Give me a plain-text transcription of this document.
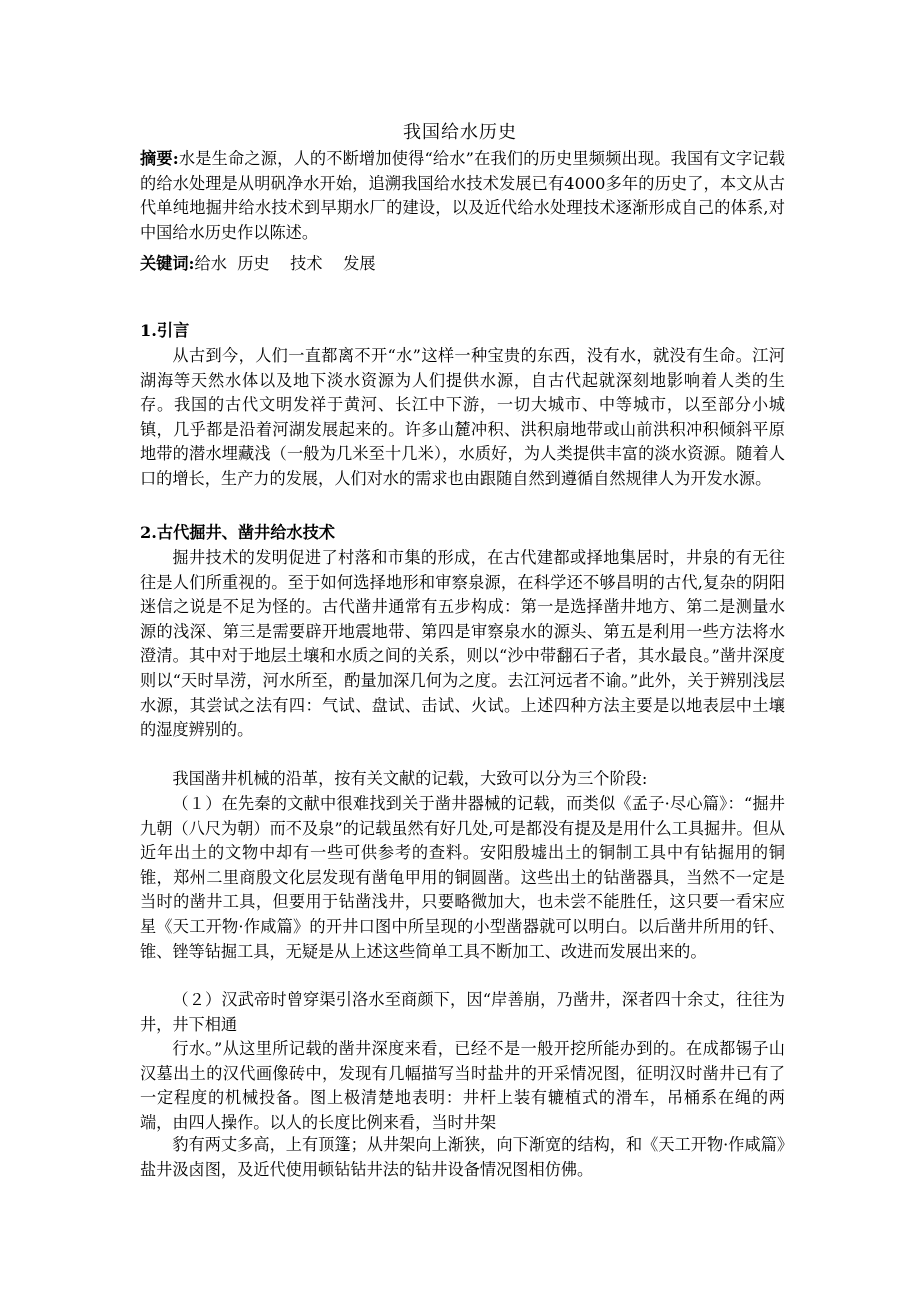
我国给水历史
摘要:水是生命之源，人的不断增加使得“给水”在我们的历史里频频出现。我国有文字记载的给水处理是从明矾净水开始，追溯我国给水技术发展已有4000多年的历史了，本文从古代单纯地掘井给水技术到早期水厂的建设，以及近代给水处理技术逐渐形成自己的体系,对中国给水历史作以陈述。
关键词:给水  历史    技术    发展
1.引言
从古到今，人们一直都离不开“水”这样一种宝贵的东西，没有水，就没有生命。江河湖海等天然水体以及地下淡水资源为人们提供水源，自古代起就深刻地影响着人类的生存。我国的古代文明发祥于黄河、长江中下游，一切大城市、中等城市，以至部分小城镇，几乎都是沿着河湖发展起来的。许多山麓冲积、洪积扇地带或山前洪积冲积倾斜平原地带的潜水埋藏浅（一般为几米至十几米），水质好，为人类提供丰富的淡水资源。随着人口的增长，生产力的发展，人们对水的需求也由跟随自然到遵循自然规律人为开发水源。
2.古代掘井、凿井给水技术
掘井技术的发明促进了村落和市集的形成，在古代建都或择地集居时，井泉的有无往往是人们所重视的。至于如何选择地形和审察泉源，在科学还不够昌明的古代,复杂的阴阳迷信之说是不足为怪的。古代凿井通常有五步构成：第一是选择凿井地方、第二是测量水源的浅深、第三是需要辟开地震地带、第四是审察泉水的源头、第五是利用一些方法将水澄清。其中对于地层土壤和水质之间的关系，则以“沙中带翻石子者，其水最良。”凿井深度则以“天时旱涝，河水所至，酌量加深几何为之度。去江河远者不谕。”此外，关于辨别浅层水源，其尝试之法有四：气试、盘试、击试、火试。上述四种方法主要是以地表层中土壤的湿度辨别的。
我国凿井机械的沿革，按有关文献的记载，大致可以分为三个阶段:
（１）在先秦的文献中很难找到关于凿井器械的记载，而类似《孟子·尽心篇》：“掘井九朝（八尺为朝）而不及泉”的记载虽然有好几处,可是都没有提及是用什么工具掘井。但从近年出土的文物中却有一些可供参考的查料。安阳殷墟出土的铜制工具中有钻掘用的铜锥，郑州二里商殷文化层发现有凿龟甲用的铜圆凿。这些出土的钻凿器具，当然不一定是当时的凿井工具，但要用于钻凿浅井，只要略微加大，也未尝不能胜任，这只要一看宋应星《天工开物·作咸篇》的开井口图中所呈现的小型凿器就可以明白。以后凿井所用的钎、锥、锉等钻掘工具，无疑是从上述这些简单工具不断加工、改进而发展出来的。
（２）汉武帝时曾穿渠引洛水至商颜下，因“岸善崩，乃凿井，深者四十余丈，往往为井，井下相通
行水。”从这里所记载的凿井深度来看，已经不是一般开挖所能办到的。在成都锡子山汉墓出土的汉代画像砖中，发现有几幅描写当时盐井的开采情况图，征明汉时凿井已有了一定程度的机械投备。图上极清楚地表明：井杆上装有辘植式的滑车，吊桶系在绳的两端，由四人操作。以人的长度比例来看，当时井架
豹有两丈多高，上有顶篷；从井架向上渐狭，向下渐宽的结构，和《天工开物·作咸篇》盐井汲卤图，及近代使用顿钻钻井法的钻井设备情况图相仿佛。
